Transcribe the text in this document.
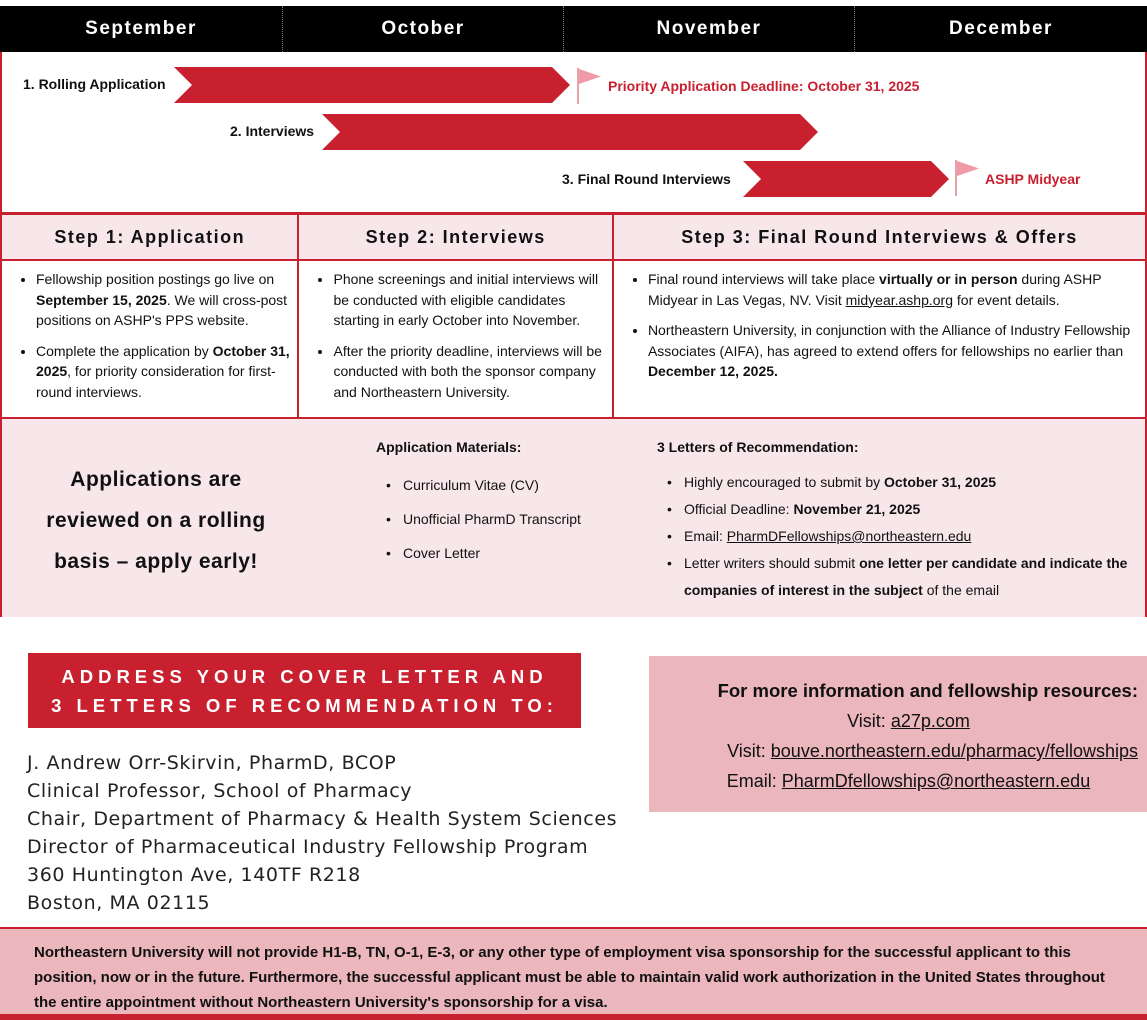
September	October	November	December
1. Rolling Application	Priority Application Deadline: October 31, 2025
2. Interviews
3. Final Round Interviews	ASHP Midyear
Step 1: Application
• Fellowship position postings go live on September 15, 2025. We will cross-post positions on ASHP's PPS website.
• Complete the application by October 31, 2025, for priority consideration for first-round interviews.
Step 2: Interviews
• Phone screenings and initial interviews will be conducted with eligible candidates starting in early October into November.
• After the priority deadline, interviews will be conducted with both the sponsor company and Northeastern University.
Step 3: Final Round Interviews & Offers
• Final round interviews will take place virtually or in person during ASHP Midyear in Las Vegas, NV. Visit midyear.ashp.org for event details.
• Northeastern University, in conjunction with the Alliance of Industry Fellowship Associates (AIFA), has agreed to extend offers for fellowships no earlier than December 12, 2025.
Applications are reviewed on a rolling basis – apply early!
Application Materials:
• Curriculum Vitae (CV)
• Unofficial PharmD Transcript
• Cover Letter
3 Letters of Recommendation:
• Highly encouraged to submit by October 31, 2025
• Official Deadline: November 21, 2025
• Email: PharmDFellowships@northeastern.edu
• Letter writers should submit one letter per candidate and indicate the companies of interest in the subject of the email
ADDRESS YOUR COVER LETTER AND
3 LETTERS OF RECOMMENDATION TO:
J. Andrew Orr-Skirvin, PharmD, BCOP
Clinical Professor, School of Pharmacy
Chair, Department of Pharmacy & Health System Sciences
Director of Pharmaceutical Industry Fellowship Program
360 Huntington Ave, 140TF R218
Boston, MA 02115
For more information and fellowship resources:
Visit: a27p.com
Visit: bouve.northeastern.edu/pharmacy/fellowships
Email: PharmDfellowships@northeastern.edu
Northeastern University will not provide H1-B, TN, O-1, E-3, or any other type of employment visa sponsorship for the successful applicant to this position, now or in the future. Furthermore, the successful applicant must be able to maintain valid work authorization in the United States throughout the entire appointment without Northeastern University's sponsorship for a visa.
